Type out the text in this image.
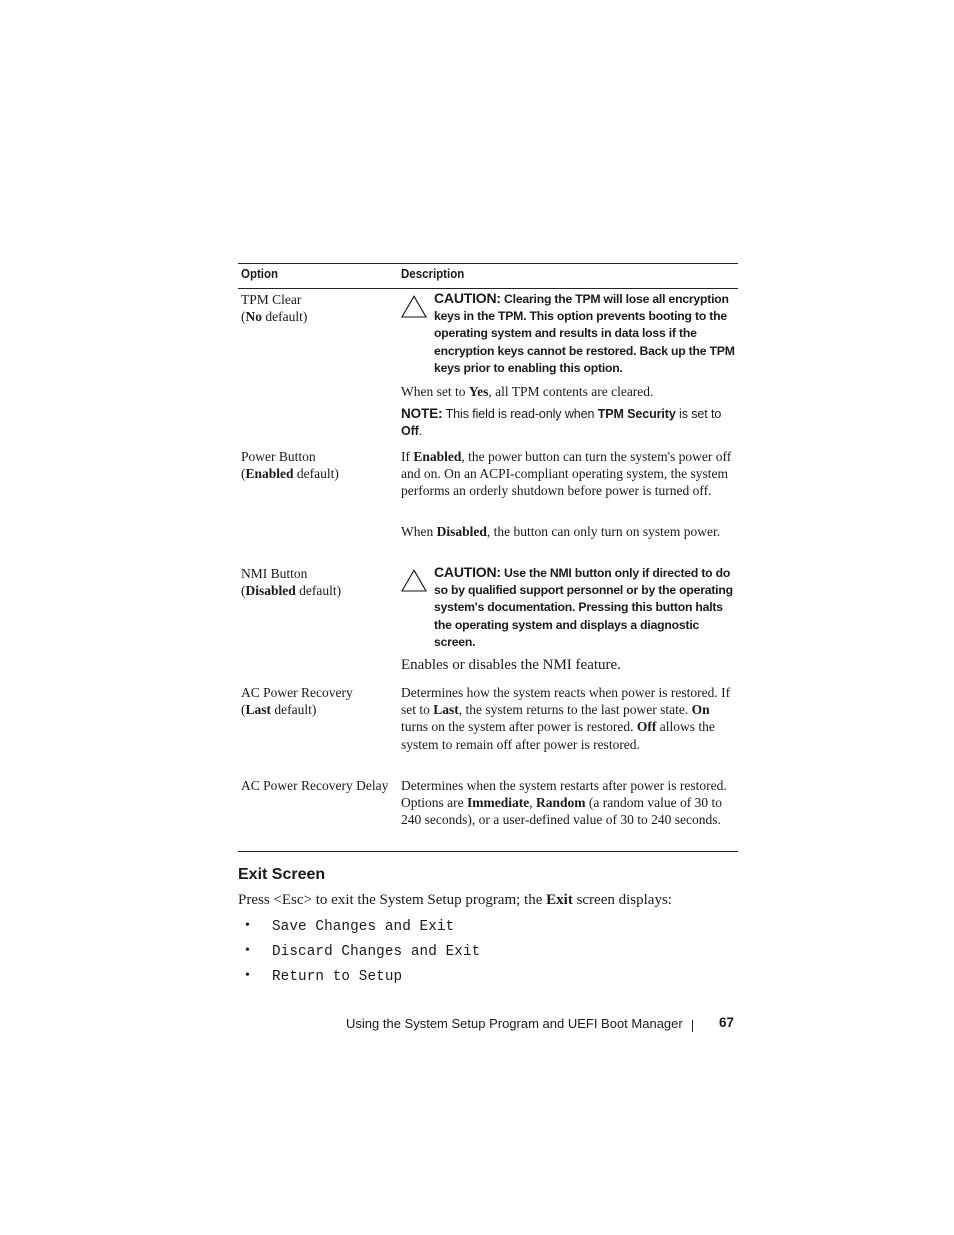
Option	Description
TPM Clear
(No default)
CAUTION: Clearing the TPM will lose all encryption keys in the TPM. This option prevents booting to the operating system and results in data loss if the encryption keys cannot be restored. Back up the TPM keys prior to enabling this option.
When set to Yes, all TPM contents are cleared.
NOTE: This field is read-only when TPM Security is set to Off.
Power Button
(Enabled default)
If Enabled, the power button can turn the system's power off and on. On an ACPI-compliant operating system, the system performs an orderly shutdown before power is turned off.
When Disabled, the button can only turn on system power.
NMI Button
(Disabled default)
CAUTION: Use the NMI button only if directed to do so by qualified support personnel or by the operating system's documentation. Pressing this button halts the operating system and displays a diagnostic screen.
Enables or disables the NMI feature.
AC Power Recovery
(Last default)
Determines how the system reacts when power is restored. If set to Last, the system returns to the last power state. On turns on the system after power is restored. Off allows the system to remain off after power is restored.
AC Power Recovery Delay Determines when the system restarts after power is restored. Options are Immediate, Random (a random value of 30 to 240 seconds), or a user-defined value of 30 to 240 seconds.
Exit Screen
Press <Esc> to exit the System Setup program; the Exit screen displays:
• Save Changes and Exit
• Discard Changes and Exit
• Return to Setup
Using the System Setup Program and UEFI Boot Manager	67
